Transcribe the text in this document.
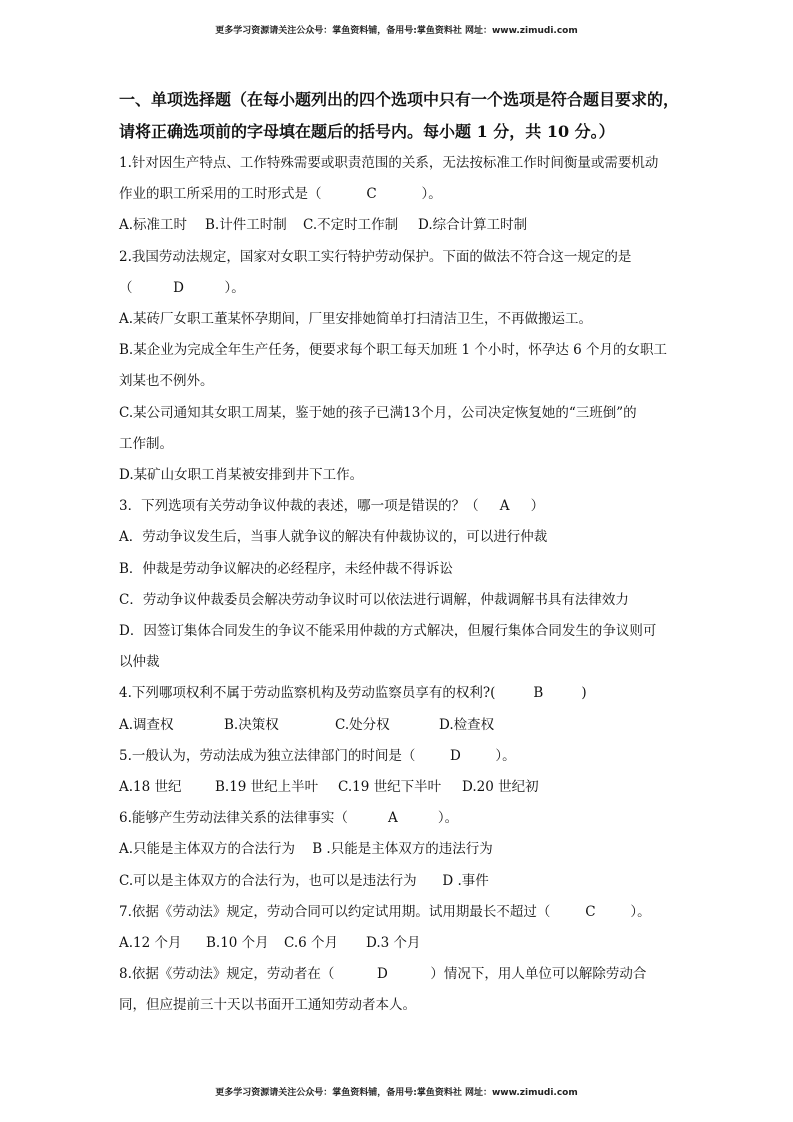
更多学习资源请关注公众号：掌鱼资料铺，备用号:掌鱼资料社 网址：www.zimudi.com

一、单项选择题（在每小题列出的四个选项中只有一个选项是符合题目要求的，

请将正确选项前的字母填在题后的括号内。每小题 1 分，共 10 分。）

1.针对因生产特点、工作特殊需要或职责范围的关系，无法按标准工作时间衡量或需要机动

作业的职工所采用的工时形式是（	C	）。

A.标准工时 B.计件工时制 C.不定时工作制 D.综合计算工时制

2.我国劳动法规定，国家对女职工实行特护劳动保护。下面的做法不符合这一规定的是

（	D	）。

A.某砖厂女职工董某怀孕期间，厂里安排她简单打扫清洁卫生，不再做搬运工。

B.某企业为完成全年生产任务，便要求每个职工每天加班 1 个小时，怀孕达 6 个月的女职工

刘某也不例外。

C.某公司通知其女职工周某，鉴于她的孩子已满13个月，公司决定恢复她的“三班倒”的

工作制。

D.某矿山女职工肖某被安排到井下工作。

3．下列选项有关劳动争议仲裁的表述，哪一项是错误的？（ A ）

A．劳动争议发生后，当事人就争议的解决有仲裁协议的，可以进行仲裁

B．仲裁是劳动争议解决的必经程序，未经仲裁不得诉讼

C．劳动争议仲裁委员会解决劳动争议时可以依法进行调解，仲裁调解书具有法律效力

D．因签订集体合同发生的争议不能采用仲裁的方式解决，但履行集体合同发生的争议则可

以仲裁

4.下列哪项权利不属于劳动监察机构及劳动监察员享有的权利?(	B	)

A.调查权	B.决策权	C.处分权	D.检查权

5.一般认为，劳动法成为独立法律部门的时间是（	D	）。

A.18 世纪 B.19 世纪上半叶 C.19 世纪下半叶 D.20 世纪初

6.能够产生劳动法律关系的法律事实（	A	）。

A.只能是主体双方的合法行为    B .只能是主体双方的违法行为

C.可以是主体双方的合法行为，也可以是违法行为      D .事件

7.依据《劳动法》规定，劳动合同可以约定试用期。试用期最长不超过（	C	）。

A.12 个月 B.10 个月 C.6 个月 D.3 个月

8.依据《劳动法》规定，劳动者在（	D	）情况下，用人单位可以解除劳动合

同，但应提前三十天以书面开工通知劳动者本人。

更多学习资源请关注公众号：掌鱼资料铺，备用号:掌鱼资料社 网址：www.zimudi.com
